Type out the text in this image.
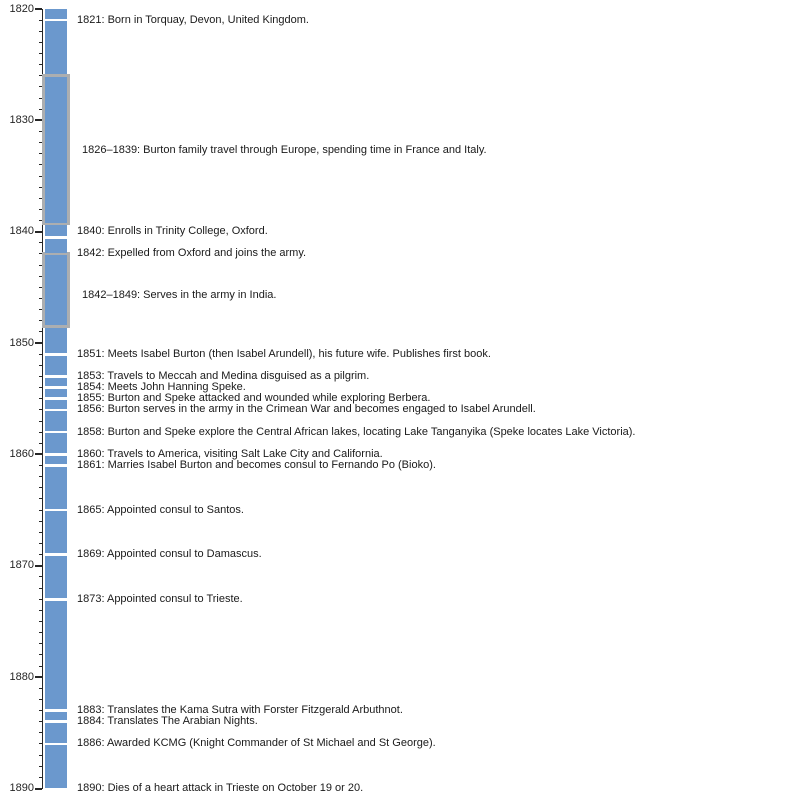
1820
1830
1840
1850
1860
1870
1880
1890
1821: Born in Torquay, Devon, United Kingdom.
1826–1839: Burton family travel through Europe, spending time in France and Italy.
1840: Enrolls in Trinity College, Oxford.
1842: Expelled from Oxford and joins the army.
1842–1849: Serves in the army in India.
1851: Meets Isabel Burton (then Isabel Arundell), his future wife. Publishes first book.
1853: Travels to Meccah and Medina disguised as a pilgrim.
1854: Meets John Hanning Speke.
1855: Burton and Speke attacked and wounded while exploring Berbera.
1856: Burton serves in the army in the Crimean War and becomes engaged to Isabel Arundell.
1858: Burton and Speke explore the Central African lakes, locating Lake Tanganyika (Speke locates Lake Victoria).
1860: Travels to America, visiting Salt Lake City and California.
1861: Marries Isabel Burton and becomes consul to Fernando Po (Bioko).
1865: Appointed consul to Santos.
1869: Appointed consul to Damascus.
1873: Appointed consul to Trieste.
1883: Translates the Kama Sutra with Forster Fitzgerald Arbuthnot.
1884: Translates The Arabian Nights.
1886: Awarded KCMG (Knight Commander of St Michael and St George).
1890: Dies of a heart attack in Trieste on October 19 or 20.
